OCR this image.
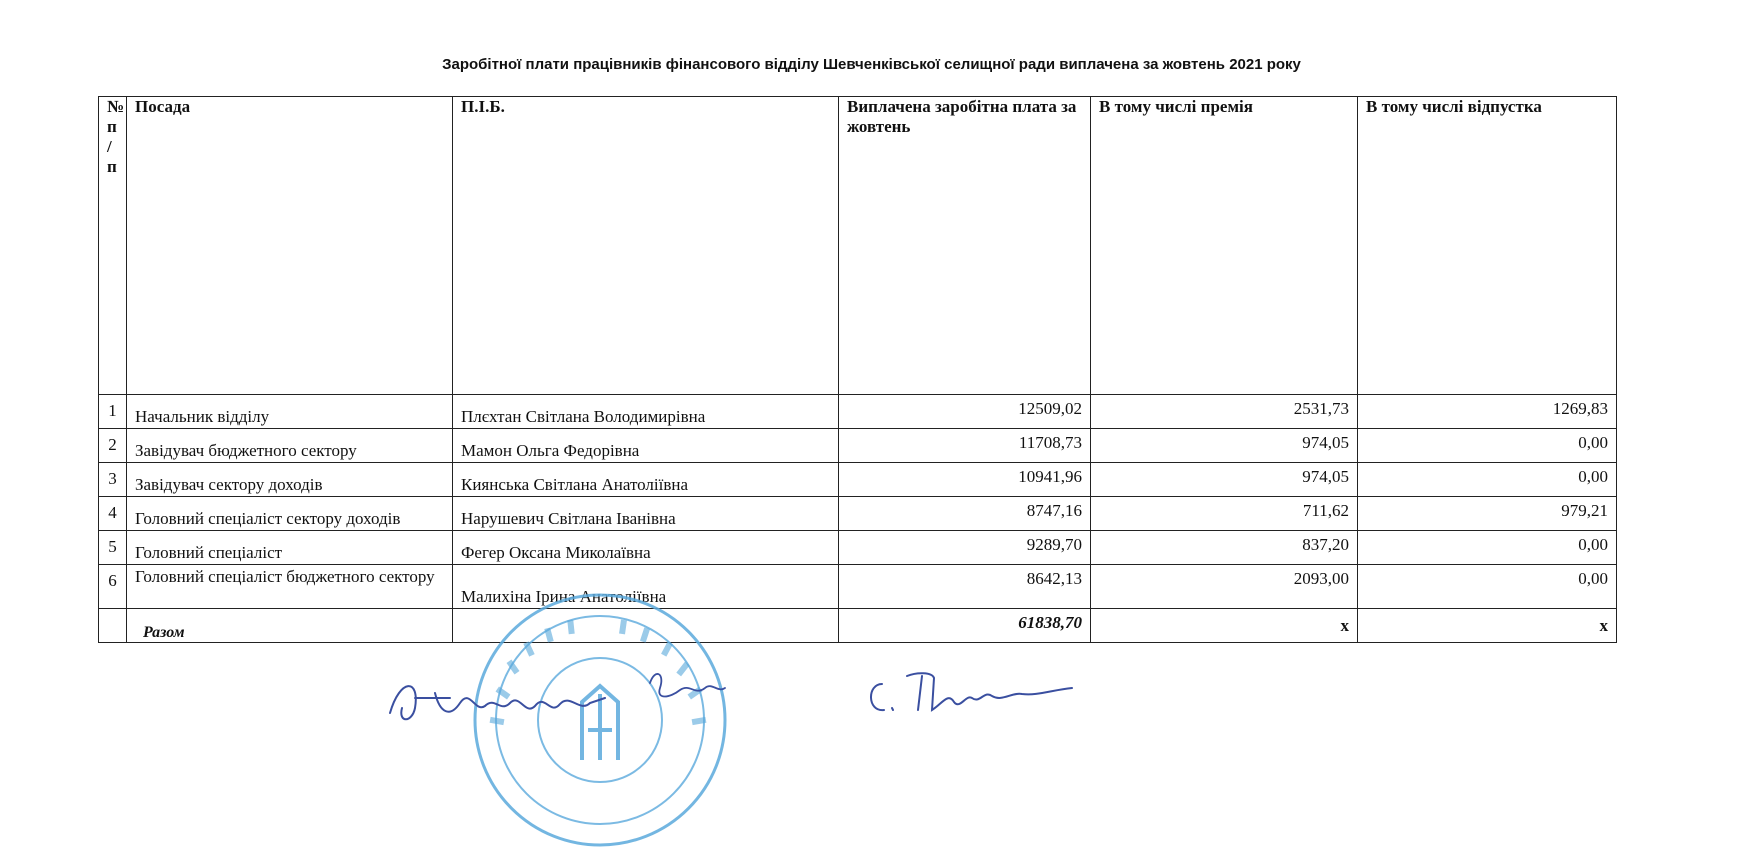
Заробітної плати працівників фінансового відділу Шевченківської селищної ради виплачена за жовтень 2021 року
№ п / п	Посада	П.І.Б.	Виплачена заробітна плата за жовтень	В тому числі премія	В тому числі відпустка
1	Начальник відділу	Плєхтан Світлана Володимирівна	12509,02	2531,73	1269,83
2	Завідувач бюджетного сектору	Мамон Ольга Федорівна	11708,73	974,05	0,00
3	Завідувач сектору доходів	Киянська Світлана Анатоліївна	10941,96	974,05	0,00
4	Головний спеціаліст сектору доходів	Нарушевич Світлана Іванівна	8747,16	711,62	979,21
5	Головний спеціаліст	Фегер Оксана Миколаївна	9289,70	837,20	0,00
6	Головний спеціаліст бюджетного сектору	Малихіна Ірина Анатоліївна	8642,13	2093,00	0,00
	Разом		61838,70	x	x
